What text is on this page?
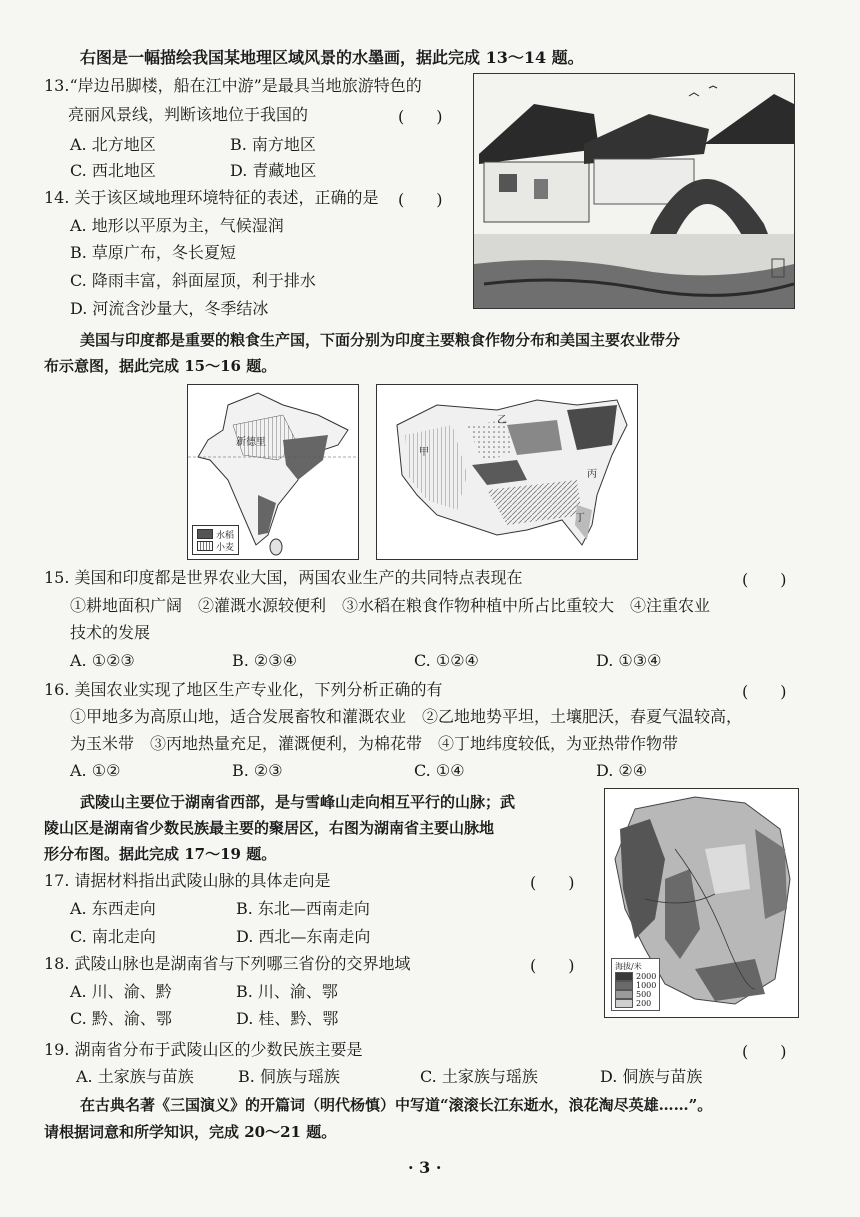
右图是一幅描绘我国某地理区域风景的水墨画，据此完成 13～14 题。
13.“岸边吊脚楼，船在江中游”是最具当地旅游特色的
亮丽风景线，判断该地位于我国的	(　　)
A. 北方地区	B. 南方地区
C. 西北地区	D. 青藏地区
14. 关于该区域地理环境特征的表述，正确的是 (　　)
A. 地形以平原为主，气候湿润
B. 草原广布，冬长夏短
C. 降雨丰富，斜面屋顶，利于排水
D. 河流含沙量大，冬季结冰
美国与印度都是重要的粮食生产国，下面分别为印度主要粮食作物分布和美国主要农业带分
布示意图，据此完成 15～16 题。
新德里
水稻
小麦
甲
乙
丙
丁
15. 美国和印度都是世界农业大国，两国农业生产的共同特点表现在	(　　)
①耕地面积广阔　②灌溉水源较便利　③水稻在粮食作物种植中所占比重较大　④注重农业
技术的发展
A. ①②③	B. ②③④	C. ①②④	D. ①③④
16. 美国农业实现了地区生产专业化，下列分析正确的有	(　　)
①甲地多为高原山地，适合发展畜牧和灌溉农业　②乙地地势平坦，土壤肥沃，春夏气温较高，
为玉米带　③丙地热量充足，灌溉便利，为棉花带　④丁地纬度较低，为亚热带作物带
A. ①②	B. ②③	C. ①④	D. ②④
武陵山主要位于湖南省西部，是与雪峰山走向相互平行的山脉；武
陵山区是湖南省少数民族最主要的聚居区，右图为湖南省主要山脉地
形分布图。据此完成 17～19 题。
17. 请据材料指出武陵山脉的具体走向是	(　　)
A. 东西走向	B. 东北—西南走向
C. 南北走向	D. 西北—东南走向
18. 武陵山脉也是湖南省与下列哪三省份的交界地域	(　　)
A. 川、渝、黔	B. 川、渝、鄂
C. 黔、渝、鄂	D. 桂、黔、鄂
海拔/米
2000
1000
500
200
19. 湖南省分布于武陵山区的少数民族主要是	(　　)
A. 土家族与苗族	B. 侗族与瑶族	C. 土家族与瑶族	D. 侗族与苗族
在古典名著《三国演义》的开篇词（明代杨慎）中写道“滚滚长江东逝水，浪花淘尽英雄……”。
请根据词意和所学知识，完成 20～21 题。
· 3 ·
